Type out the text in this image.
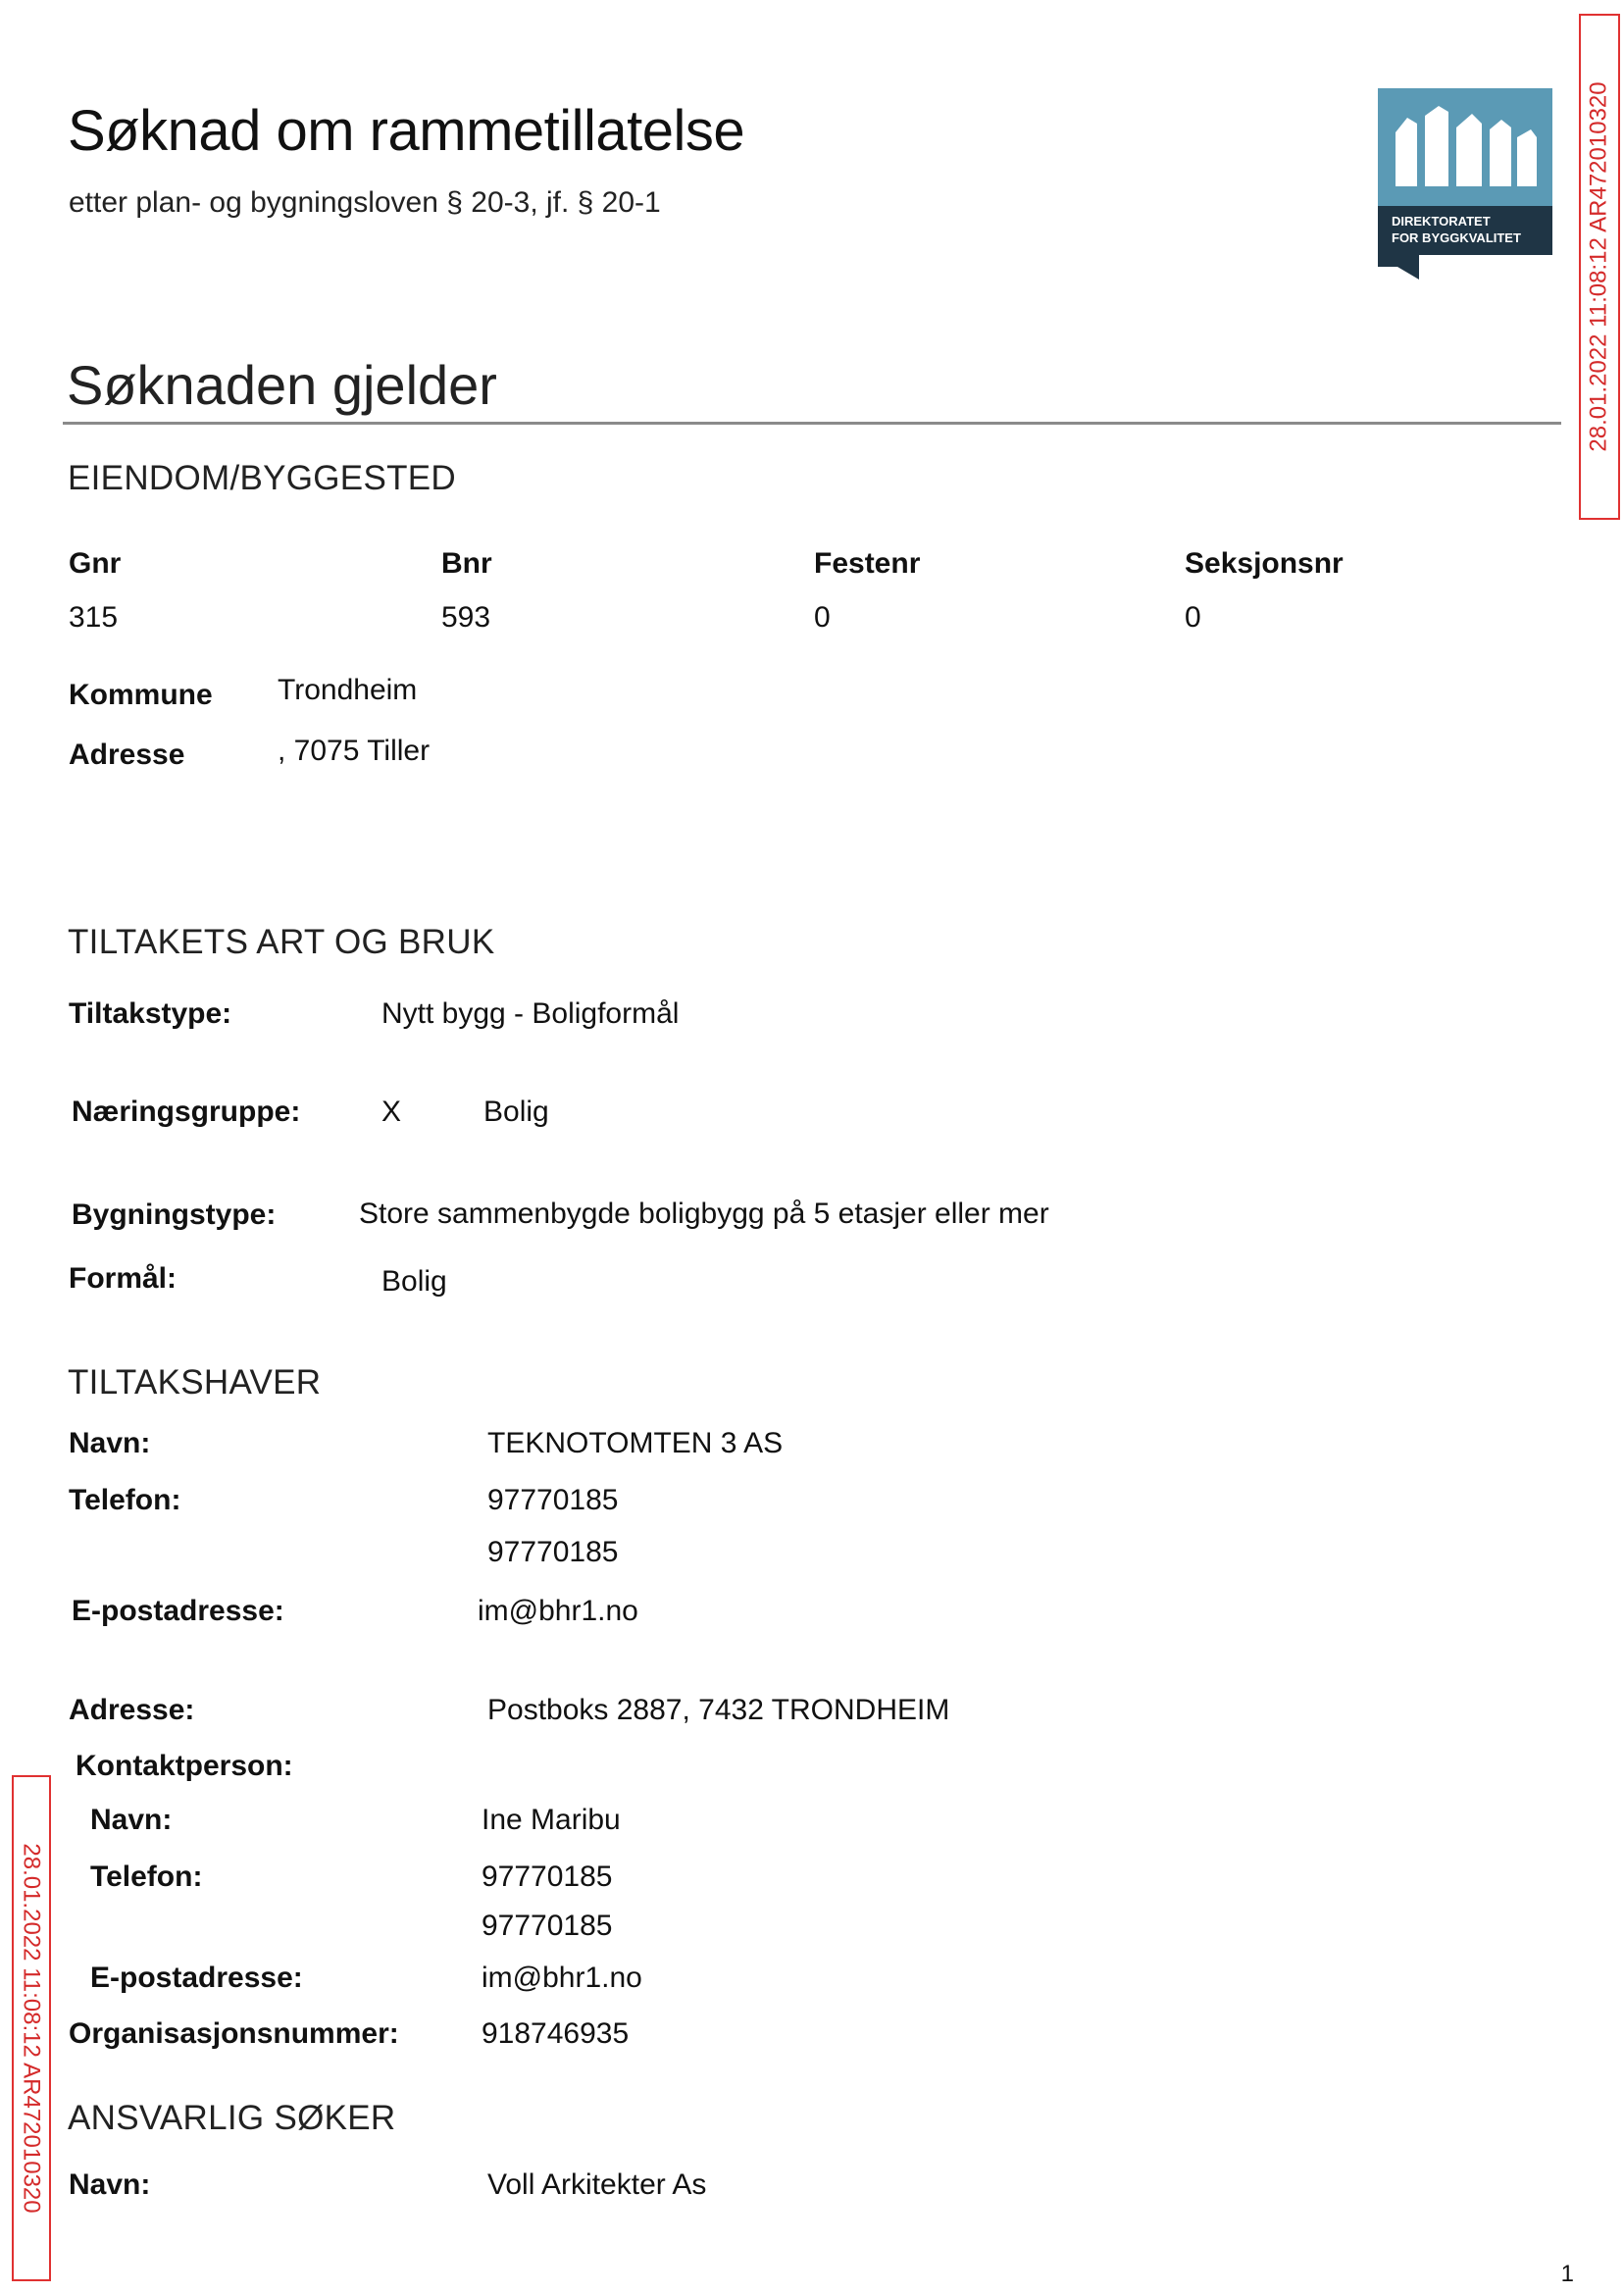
Søknad om rammetillatelse
etter plan- og bygningsloven § 20-3, jf. § 20-1
DIREKTORATET
FOR BYGGKVALITET	28.01.2022 11:08:12 AR472010320
28.01.2022 11:08:12 AR472010320
Søknaden gjelder
EIENDOM/BYGGESTED
Gnr	Bnr	Festenr	Seksjonsnr
315	593	0	0
Kommune Trondheim
Adresse	, 7075 Tiller
TILTAKETS ART OG BRUK
Tiltakstype:	Nytt bygg - Boligformål
Næringsgruppe:	X	Bolig
Bygningstype:	Store sammenbygde boligbygg på 5 etasjer eller mer
Formål:	Bolig
TILTAKSHAVER
Navn:	TEKNOTOMTEN 3 AS
Telefon:	97770185
97770185
E-postadresse:	im@bhr1.no
Adresse:	Postboks 2887, 7432 TRONDHEIM
Kontaktperson:
Navn:	Ine Maribu
Telefon:	97770185
97770185
E-postadresse:	im@bhr1.no
Organisasjonsnummer:	918746935
ANSVARLIG SØKER
Navn:	Voll Arkitekter As
1
